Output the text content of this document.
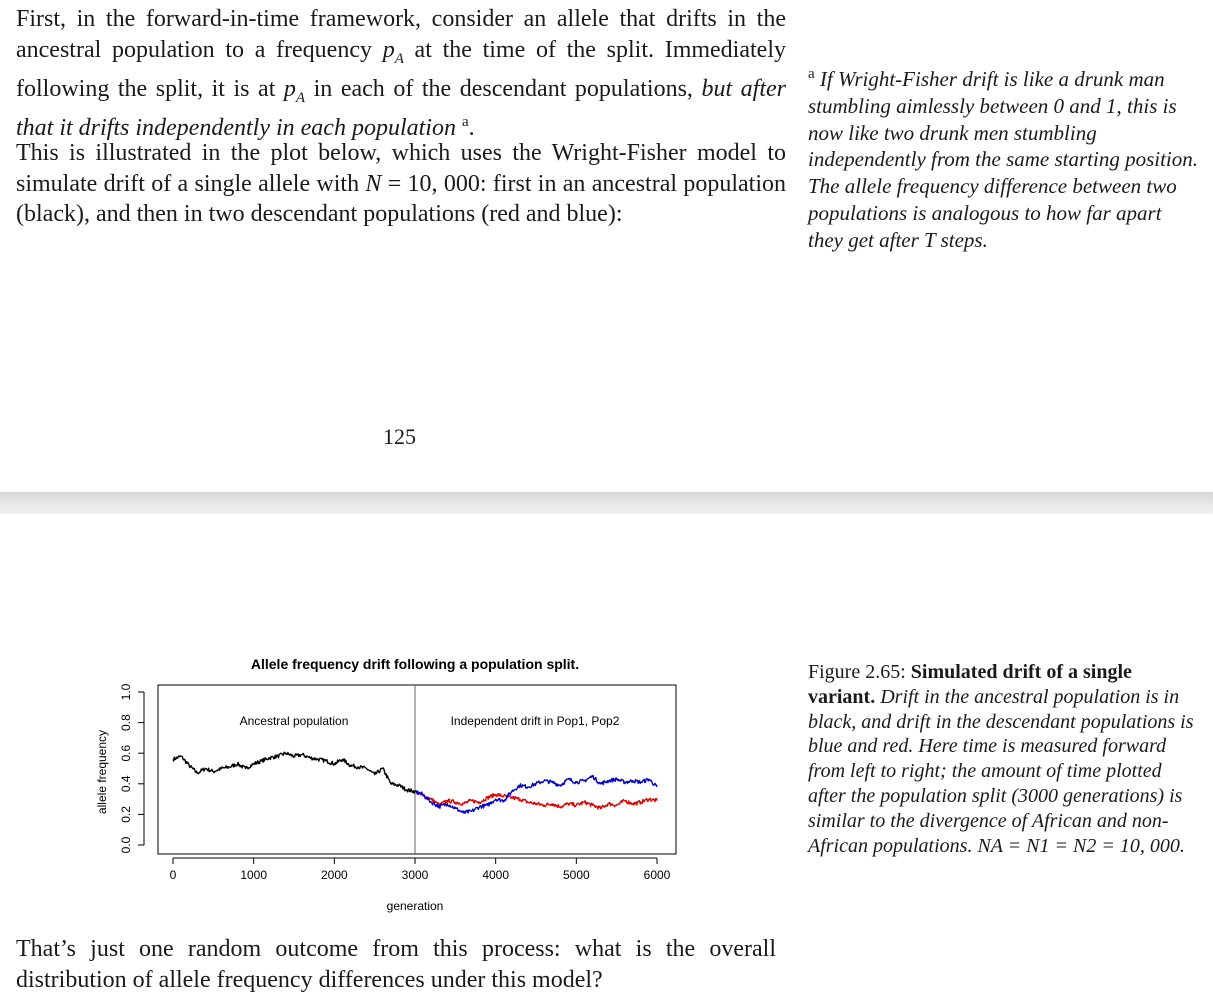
First, in the forward-in-time framework, consider an allele that drifts in the ancestral population to a frequency $p_A$ at the time of the split. Immediately following the split, it is at $p_A$ in each of the descendant populations, but after that it drifts independently in each population $^a$.

This is illustrated in the plot below, which uses the Wright-Fisher model to simulate drift of a single allele with N = 10, 000: first in an ancestral population (black), and then in two descendant populations (red and blue):

$^a$ If Wright-Fisher drift is like a drunk man stumbling aimlessly between 0 and 1, this is now like two drunk men stumbling independently from the same starting position. The allele frequency difference between two populations is analogous to how far apart they get after T steps.

125

Allele frequency drift following a population split.
0.0
0.2
0.4
0.6
0.8
1.0
0	1000	2000	3000	4000	5000	6000
allele frequency
generation
Ancestral population	Independent drift in Pop1, Pop2
Figure 2.65: Simulated drift of a single variant. Drift in the ancestral population is in black, and drift in the descendant populations is blue and red. Here time is measured forward from left to right; the amount of time plotted after the population split (3000 generations) is similar to the divergence of African and non-African populations. NA = N1 = N2 = 10, 000.

That’s just one random outcome from this process: what is the overall distribution of allele frequency differences under this model?
